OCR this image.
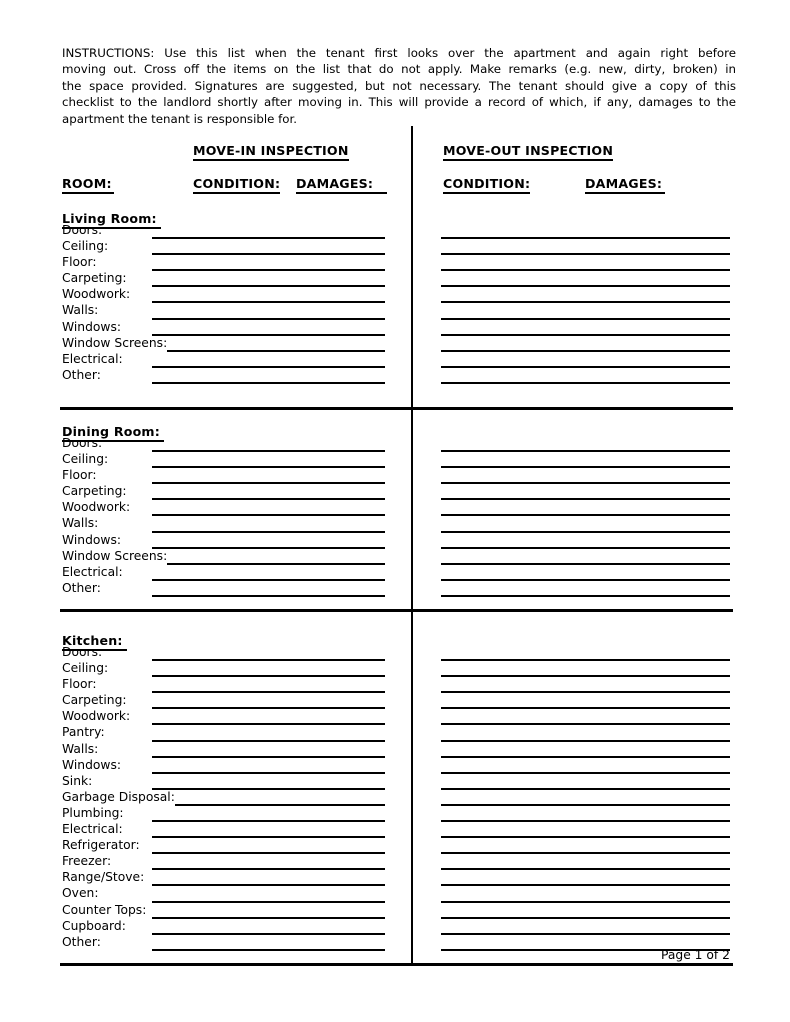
INSTRUCTIONS: Use this list when the tenant first looks over the apartment and again right before
moving out. Cross off the items on the list that do not apply. Make remarks (e.g. new, dirty, broken) in
the space provided. Signatures are suggested, but not necessary. The tenant should give a copy of this
checklist to the landlord shortly after moving in. This will provide a record of which, if any, damages to the
apartment the tenant is responsible for.
MOVE-IN INSPECTION	MOVE-OUT INSPECTION
ROOM:	CONDITION: DAMAGES:	CONDITION:	DAMAGES:
Living Room:
Doors:
Ceiling:
Floor:
Carpeting:
Woodwork:
Walls:
Windows:
Window Screens:
Electrical:
Other:
Dining Room:
Doors:
Ceiling:
Floor:
Carpeting:
Woodwork:
Walls:
Windows:
Window Screens:
Electrical:
Other:
Kitchen:
Doors:
Ceiling:
Floor:
Carpeting:
Woodwork:
Pantry:
Walls:
Windows:
Sink:
Garbage Disposal:
Plumbing:
Electrical:
Refrigerator:
Freezer:
Range/Stove:
Oven:
Counter Tops:
Cupboard:
Other:
Page 1 of 2
